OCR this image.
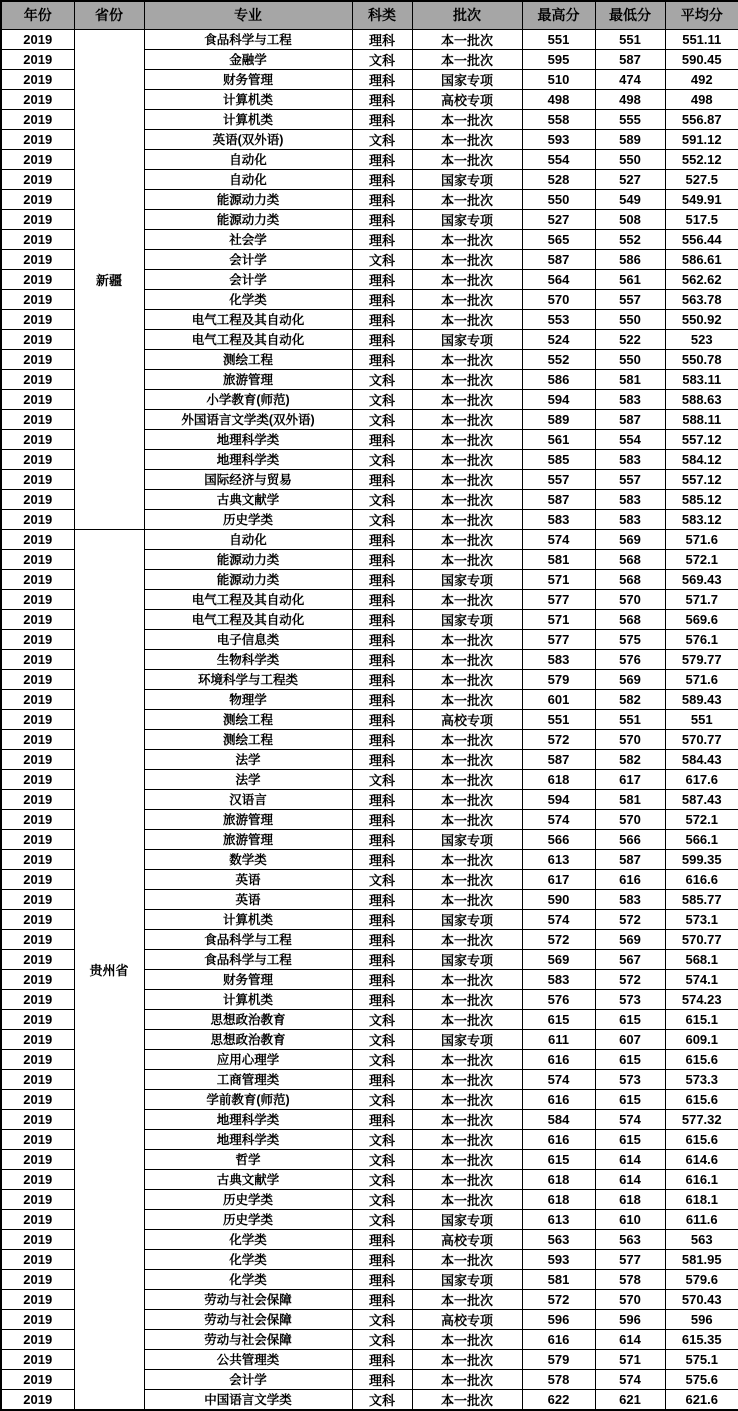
年份	省份	专业	科类	批次	最高分	最低分	平均分
2019	新疆	食品科学与工程	理科	本一批次	551	551	551.11
2019		金融学	文科	本一批次	595	587	590.45
2019		财务管理	理科	国家专项	510	474	492
2019		计算机类	理科	高校专项	498	498	498
2019		计算机类	理科	本一批次	558	555	556.87
2019		英语(双外语)	文科	本一批次	593	589	591.12
2019		自动化	理科	本一批次	554	550	552.12
2019		自动化	理科	国家专项	528	527	527.5
2019		能源动力类	理科	本一批次	550	549	549.91
2019		能源动力类	理科	国家专项	527	508	517.5
2019		社会学	理科	本一批次	565	552	556.44
2019		会计学	文科	本一批次	587	586	586.61
2019		会计学	理科	本一批次	564	561	562.62
2019		化学类	理科	本一批次	570	557	563.78
2019		电气工程及其自动化	理科	本一批次	553	550	550.92
2019		电气工程及其自动化	理科	国家专项	524	522	523
2019		测绘工程	理科	本一批次	552	550	550.78
2019		旅游管理	文科	本一批次	586	581	583.11
2019		小学教育(师范)	文科	本一批次	594	583	588.63
2019		外国语言文学类(双外语)	文科	本一批次	589	587	588.11
2019		地理科学类	理科	本一批次	561	554	557.12
2019		地理科学类	文科	本一批次	585	583	584.12
2019		国际经济与贸易	理科	本一批次	557	557	557.12
2019		古典文献学	文科	本一批次	587	583	585.12
2019		历史学类	文科	本一批次	583	583	583.12
2019	贵州省	自动化	理科	本一批次	574	569	571.6
2019		能源动力类	理科	本一批次	581	568	572.1
2019		能源动力类	理科	国家专项	571	568	569.43
2019		电气工程及其自动化	理科	本一批次	577	570	571.7
2019		电气工程及其自动化	理科	国家专项	571	568	569.6
2019		电子信息类	理科	本一批次	577	575	576.1
2019		生物科学类	理科	本一批次	583	576	579.77
2019		环境科学与工程类	理科	本一批次	579	569	571.6
2019		物理学	理科	本一批次	601	582	589.43
2019		测绘工程	理科	高校专项	551	551	551
2019		测绘工程	理科	本一批次	572	570	570.77
2019		法学	理科	本一批次	587	582	584.43
2019		法学	文科	本一批次	618	617	617.6
2019		汉语言	理科	本一批次	594	581	587.43
2019		旅游管理	理科	本一批次	574	570	572.1
2019		旅游管理	理科	国家专项	566	566	566.1
2019		数学类	理科	本一批次	613	587	599.35
2019		英语	文科	本一批次	617	616	616.6
2019		英语	理科	本一批次	590	583	585.77
2019		计算机类	理科	国家专项	574	572	573.1
2019		食品科学与工程	理科	本一批次	572	569	570.77
2019		食品科学与工程	理科	国家专项	569	567	568.1
2019		财务管理	理科	本一批次	583	572	574.1
2019		计算机类	理科	本一批次	576	573	574.23
2019		思想政治教育	文科	本一批次	615	615	615.1
2019		思想政治教育	文科	国家专项	611	607	609.1
2019		应用心理学	文科	本一批次	616	615	615.6
2019		工商管理类	理科	本一批次	574	573	573.3
2019		学前教育(师范)	文科	本一批次	616	615	615.6
2019		地理科学类	理科	本一批次	584	574	577.32
2019		地理科学类	文科	本一批次	616	615	615.6
2019		哲学	文科	本一批次	615	614	614.6
2019		古典文献学	文科	本一批次	618	614	616.1
2019		历史学类	文科	本一批次	618	618	618.1
2019		历史学类	文科	国家专项	613	610	611.6
2019		化学类	理科	高校专项	563	563	563
2019		化学类	理科	本一批次	593	577	581.95
2019		化学类	理科	国家专项	581	578	579.6
2019		劳动与社会保障	理科	本一批次	572	570	570.43
2019		劳动与社会保障	文科	高校专项	596	596	596
2019		劳动与社会保障	文科	本一批次	616	614	615.35
2019		公共管理类	理科	本一批次	579	571	575.1
2019		会计学	理科	本一批次	578	574	575.6
2019		中国语言文学类	文科	本一批次	622	621	621.6
